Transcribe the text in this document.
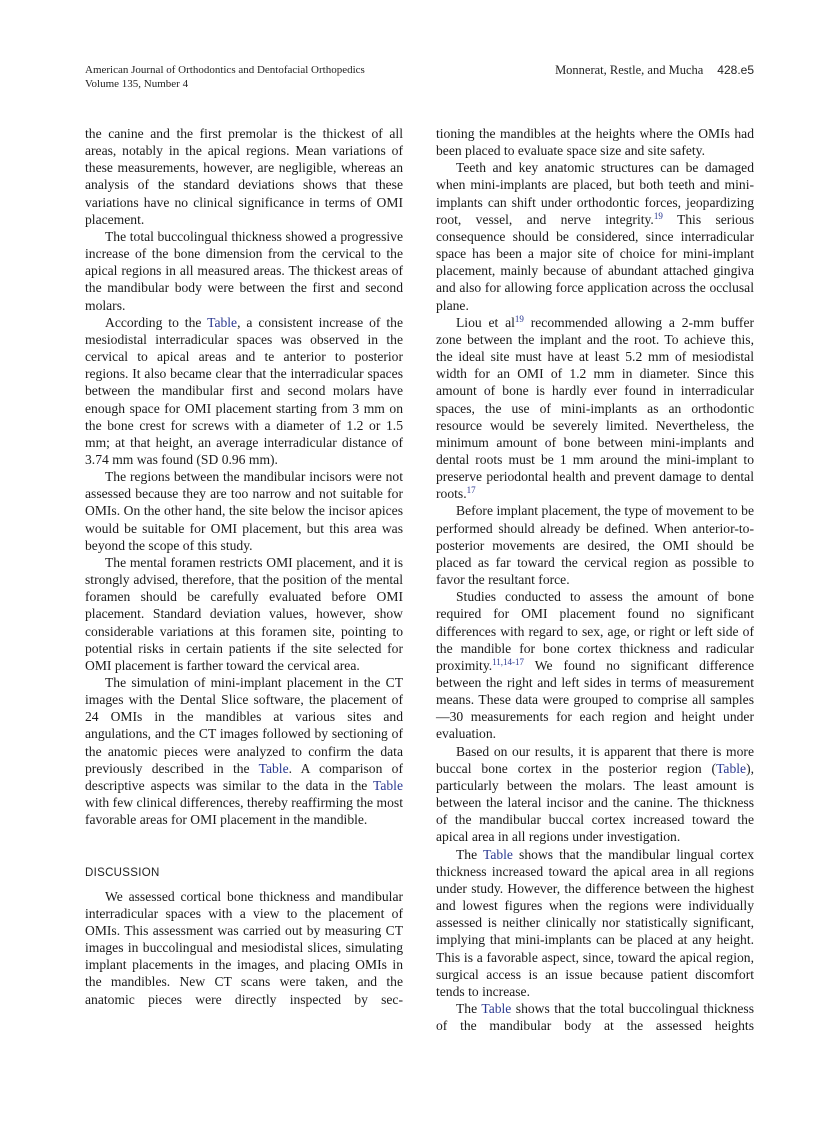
American Journal of Orthodontics and Dentofacial Orthopedics
Volume 135, Number 4
Monnerat, Restle, and Mucha 428.e5

the canine and the first premolar is the thickest of all areas, notably in the apical regions. Mean variations of these measurements, however, are negligible, whereas an analysis of the standard deviations shows that these variations have no clinical significance in terms of OMI placement.

The total buccolingual thickness showed a progressive increase of the bone dimension from the cervical to the apical regions in all measured areas. The thickest areas of the mandibular body were between the first and second molars.

According to the Table, a consistent increase of the mesiodistal interradicular spaces was observed in the cervical to apical areas and te anterior to posterior regions. It also became clear that the interradicular spaces between the mandibular first and second molars have enough space for OMI placement starting from 3 mm on the bone crest for screws with a diameter of 1.2 or 1.5 mm; at that height, an average interradicular distance of 3.74 mm was found (SD 0.96 mm).

The regions between the mandibular incisors were not assessed because they are too narrow and not suitable for OMIs. On the other hand, the site below the incisor apices would be suitable for OMI placement, but this area was beyond the scope of this study.

The mental foramen restricts OMI placement, and it is strongly advised, therefore, that the position of the mental foramen should be carefully evaluated before OMI placement. Standard deviation values, however, show considerable variations at this foramen site, pointing to potential risks in certain patients if the site selected for OMI placement is farther toward the cervical area.

The simulation of mini-implant placement in the CT images with the Dental Slice software, the placement of 24 OMIs in the mandibles at various sites and angulations, and the CT images followed by sectioning of the anatomic pieces were analyzed to confirm the data previously described in the Table. A comparison of descriptive aspects was similar to the data in the Table with few clinical differences, thereby reaffirming the most favorable areas for OMI placement in the mandible.

DISCUSSION

We assessed cortical bone thickness and mandibular interradicular spaces with a view to the placement of OMIs. This assessment was carried out by measuring CT images in buccolingual and mesiodistal slices, simulating implant placements in the images, and placing OMIs in the mandibles. New CT scans were taken, and the anatomic pieces were directly inspected by sec-

tioning the mandibles at the heights where the OMIs had been placed to evaluate space size and site safety.

Teeth and key anatomic structures can be damaged when mini-implants are placed, but both teeth and mini-implants can shift under orthodontic forces, jeopardizing root, vessel, and nerve integrity.$^{19}$ This serious consequence should be considered, since interradicular space has been a major site of choice for mini-implant placement, mainly because of abundant attached gingiva and also for allowing force application across the occlusal plane.

Liou et $al^{19}$ recommended allowing a 2-mm buffer zone between the implant and the root. To achieve this, the ideal site must have at least 5.2 mm of mesiodistal width for an OMI of 1.2 mm in diameter. Since this amount of bone is hardly ever found in interradicular spaces, the use of mini-implants as an orthodontic resource would be severely limited. Nevertheless, the minimum amount of bone between mini-implants and dental roots must be 1 mm around the mini-implant to preserve periodontal health and prevent damage to dental roots.$^{17}$

Before implant placement, the type of movement to be performed should already be defined. When anterior-to-posterior movements are desired, the OMI should be placed as far toward the cervical region as possible to favor the resultant force.

Studies conducted to assess the amount of bone required for OMI placement found no significant differences with regard to sex, age, or right or left side of the mandible for bone cortex thickness and radicular proximity.$^{11,14-17}$ We found no significant difference between the right and left sides in terms of measurement means. These data were grouped to comprise all samples—30 measurements for each region and height under evaluation.

Based on our results, it is apparent that there is more buccal bone cortex in the posterior region (Table), particularly between the molars. The least amount is between the lateral incisor and the canine. The thickness of the mandibular buccal cortex increased toward the apical area in all regions under investigation.

The Table shows that the mandibular lingual cortex thickness increased toward the apical area in all regions under study. However, the difference between the highest and lowest figures when the regions were individually assessed is neither clinically nor statistically significant, implying that mini-implants can be placed at any height. This is a favorable aspect, since, toward the apical region, surgical access is an issue because patient discomfort tends to increase.

The Table shows that the total buccolingual thickness of the mandibular body at the assessed heights
